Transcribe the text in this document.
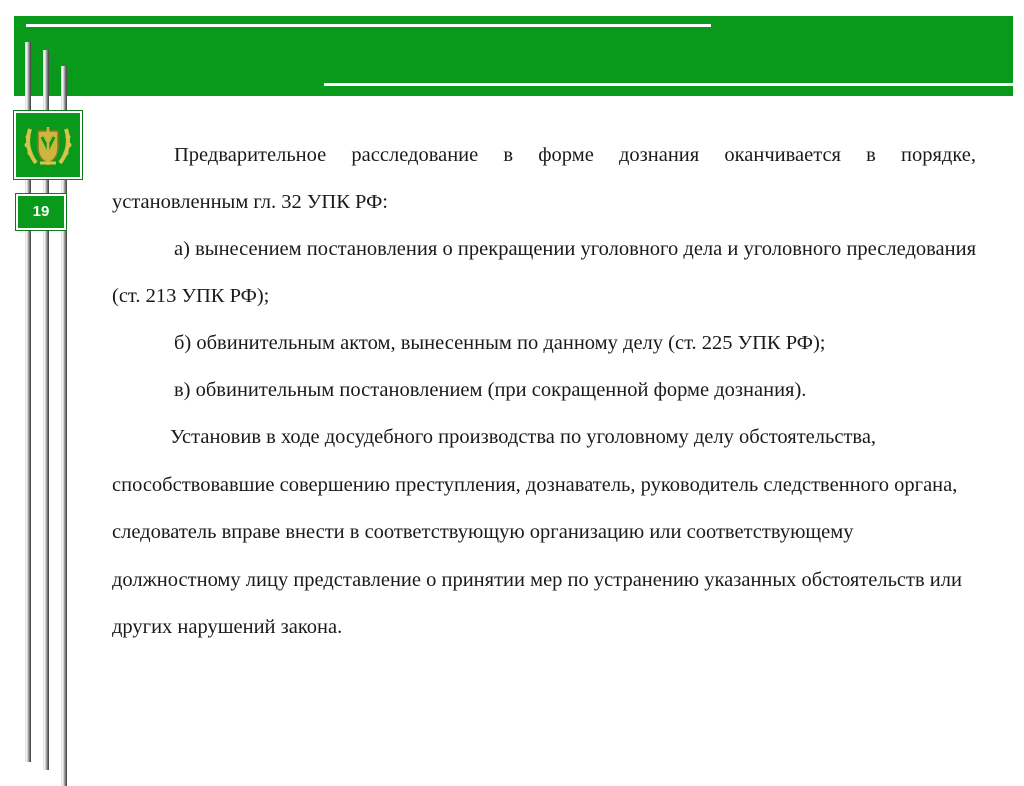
19

Предварительное расследование в форме дознания оканчивается в порядке, установленным гл. 32 УПК РФ:

а) вынесением постановления о прекращении уголовного дела и уголовного преследования (ст. 213 УПК РФ);

б) обвинительным актом, вынесенным по данному делу (ст. 225 УПК РФ);

в) обвинительным постановлением (при сокращенной форме дознания).

Установив в ходе досудебного производства по уголовному делу обстоятельства, способствовавшие совершению преступления, дознаватель, руководитель следственного органа, следователь вправе внести в соответствующую организацию или соответствующему должностному лицу представление о принятии мер по устранению указанных обстоятельств или других нарушений закона.
